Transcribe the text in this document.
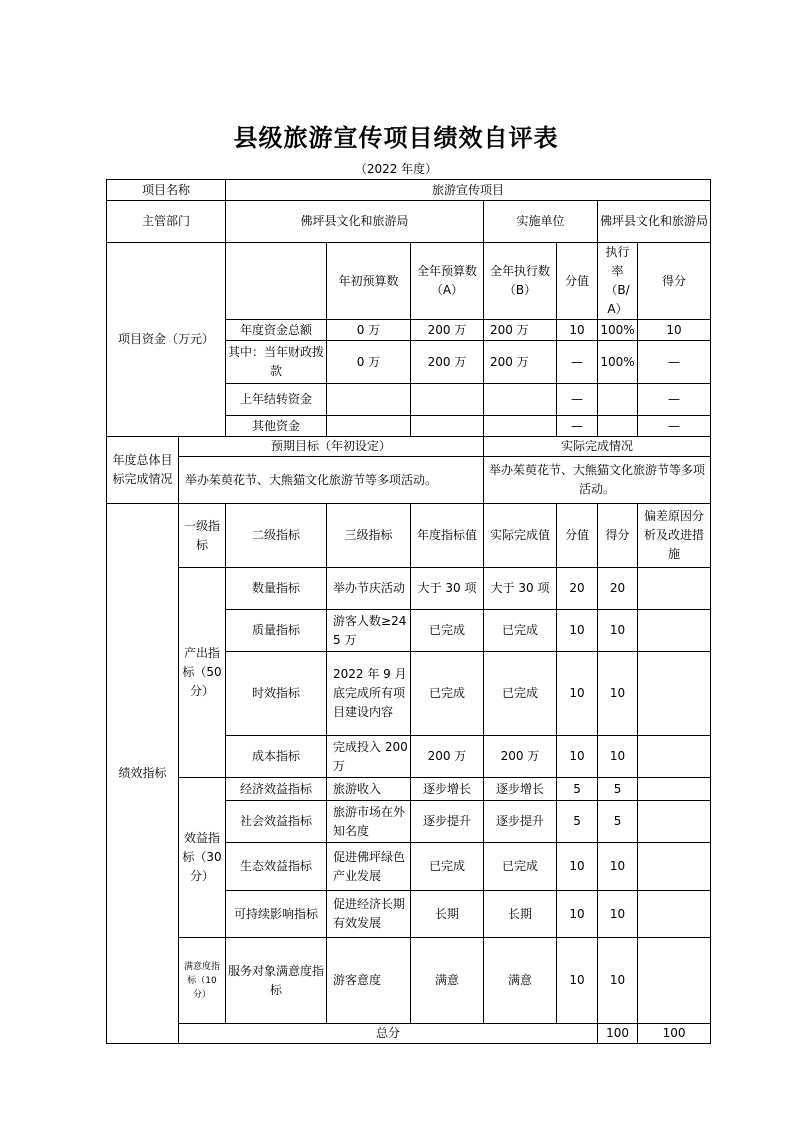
县级旅游宣传项目绩效自评表
（2022 年度）
项目名称		旅游宣传项目							
主管部门		佛坪县文化和旅游局			实施单位		佛坪县文化和旅游局		
项目资金（万元）			年初预算数	全年预算数（A）	全年执行数（B）	分值	执行率（B/A）	得分	
		年度资金总额	0 万	200 万	200 万	10	100%	10	
		其中：当年财政拨款	0 万	200 万	200 万	—	100%	—	
		上年结转资金				—		—	
		其他资金				—		—	
年度总体目标完成情况	预期目标（年初设定）				实际完成情况				
	举办茱萸花节、大熊猫文化旅游节等多项活动。				举办茱萸花节、大熊猫文化旅游节等多项活动。				
绩效指标	一级指标	二级指标	三级指标	年度指标值	实际完成值	分值	得分	偏差原因分析及改进措施	
	产出指标（50分）	数量指标	举办节庆活动	大于 30 项	大于 30 项	20	20		
		质量指标	游客人数≥245 万	已完成	已完成	10	10		
		时效指标	2022 年 9 月底完成所有项目建设内容	已完成	已完成	10	10		
		成本指标	完成投入 200 万	200 万	200 万	10	10		
	效益指标（30分）	经济效益指标	旅游收入	逐步增长	逐步增长	5	5		
		社会效益指标	旅游市场在外知名度	逐步提升	逐步提升	5	5		
		生态效益指标	促进佛坪绿色产业发展	已完成	已完成	10	10		
		可持续影响指标	促进经济长期有效发展	长期	长期	10	10		
	满意度指标（10分）	服务对象满意度指标	游客意度	满意	满意	10	10		
	总分						100	100	
